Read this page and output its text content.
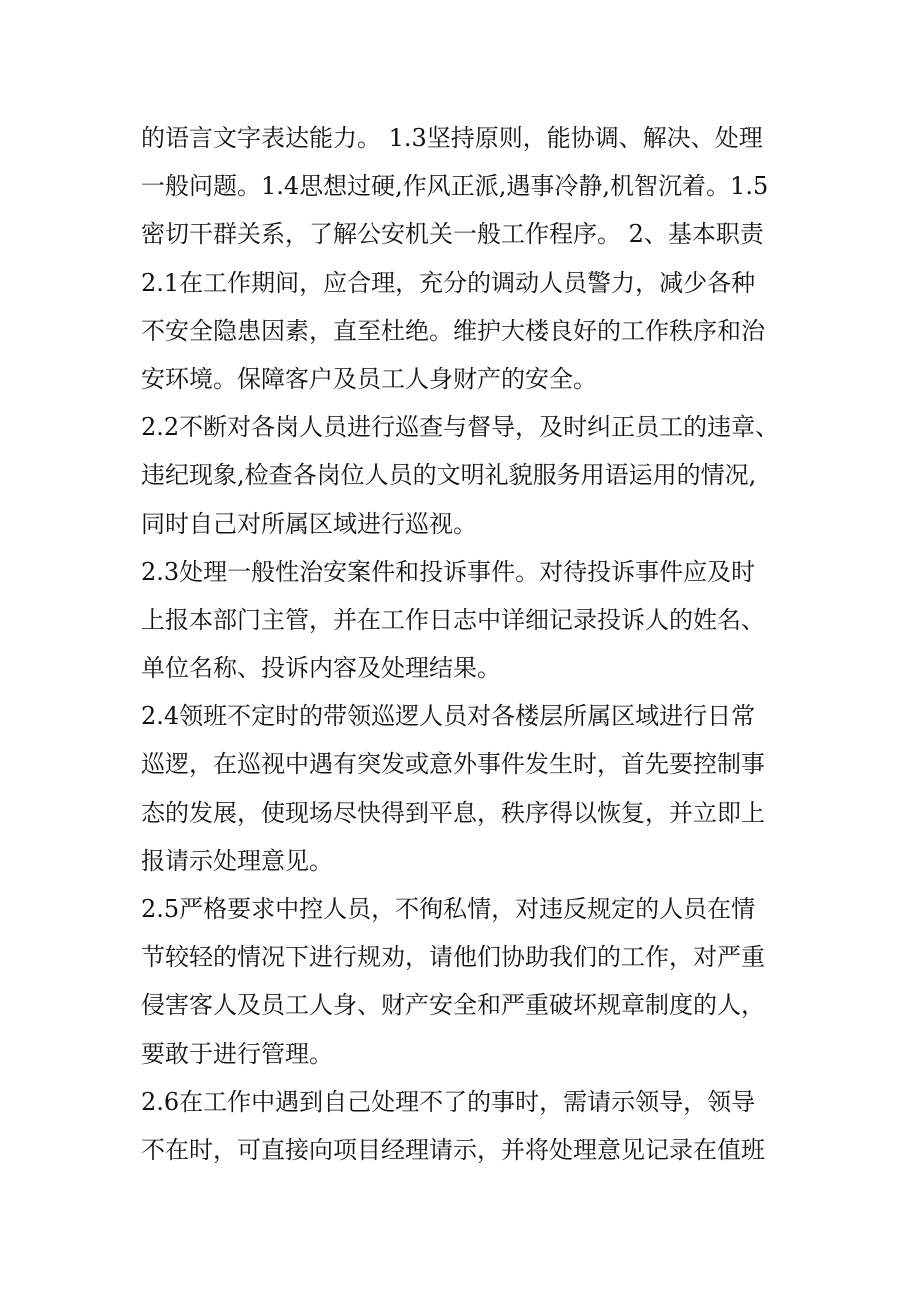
的语言文字表达能力。 1.3坚持原则，能协调、解决、处理
一般问题。1.4思想过硬,作风正派,遇事冷静,机智沉着。1.5
密切干群关系，了解公安机关一般工作程序。 2、基本职责
2.1在工作期间，应合理，充分的调动人员警力，减少各种
不安全隐患因素，直至杜绝。维护大楼良好的工作秩序和治
安环境。保障客户及员工人身财产的安全。
2.2不断对各岗人员进行巡查与督导，及时纠正员工的违章、
违纪现象,检查各岗位人员的文明礼貌服务用语运用的情况,
同时自己对所属区域进行巡视。
2.3处理一般性治安案件和投诉事件。对待投诉事件应及时
上报本部门主管，并在工作日志中详细记录投诉人的姓名、
单位名称、投诉内容及处理结果。
2.4领班不定时的带领巡逻人员对各楼层所属区域进行日常
巡逻，在巡视中遇有突发或意外事件发生时，首先要控制事
态的发展，使现场尽快得到平息，秩序得以恢复，并立即上
报请示处理意见。
2.5严格要求中控人员，不徇私情，对违反规定的人员在情
节较轻的情况下进行规劝，请他们协助我们的工作，对严重
侵害客人及员工人身、财产安全和严重破坏规章制度的人，
要敢于进行管理。
2.6在工作中遇到自己处理不了的事时，需请示领导，领导
不在时，可直接向项目经理请示，并将处理意见记录在值班
